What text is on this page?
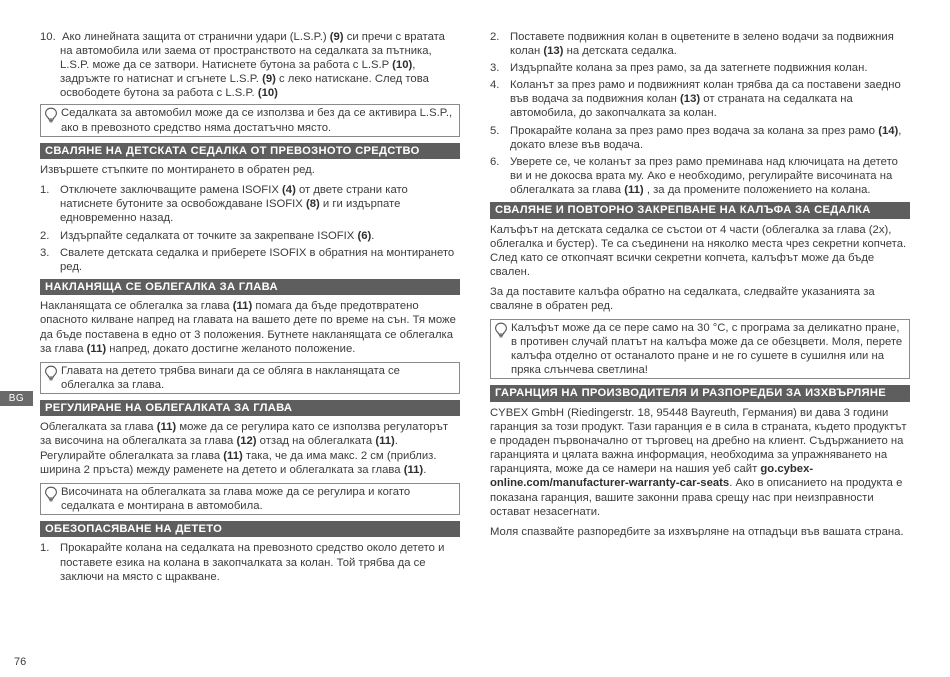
BG
76
10. Ако линейната защита от странични удари (L.S.P.) (9) си пречи с вратата на автомобила или заема от пространството на седалката за пътника, L.S.P. може да се затвори. Натиснете бутона за работа с L.S.P (10), задръжте го натиснат и сгънете L.S.P. (9) с леко натискане. След това освободете бутона за работа с L.S.P. (10)
Седалката за автомобил може да се използва и без да се активира L.S.P., ако в превозното средство няма достатъчно място.
СВАЛЯНЕ НА ДЕТСКАТА СЕДАЛКА ОТ ПРЕВОЗНОТО СРЕДСТВО

Извършете стъпките по монтирането в обратен ред.

1. Отключете заключващите рамена ISOFIX (4) от двете страни като натиснете бутоните за освобождаване ISOFIX (8) и ги издърпате едновременно назад.
2. Издърпайте седалката от точките за закрепване ISOFIX (6).
3. Свалете детската седалка и приберете ISOFIX в обратния на монтирането ред.
НАКЛАНЯЩА СЕ ОБЛЕГАЛКА ЗА ГЛАВА

Накланящата се облегалка за глава (11) помага да бъде предотвратено опасното килване напред на главата на вашето дете по време на сън. Тя може да бъде поставена в едно от 3 положения. Бутнете накланящата се облегалка за глава (11) напред, докато достигне желаното положение.

Главата на детето трябва винаги да се обляга в накланящата се облегалка за глава.
РЕГУЛИРАНЕ НА ОБЛЕГАЛКАТА ЗА ГЛАВА

Облегалката за глава (11) може да се регулира като се използва регулаторът за височина на облегалката за глава (12) отзад на облегалката (11). Регулирайте облегалката за глава (11) така, че да има макс. 2 см (приблиз. ширина 2 пръста) между раменете на детето и облегалката за глава (11).

Височината на облегалката за глава може да се регулира и когато седалката е монтирана в автомобила.
ОБЕЗОПАСЯВАНЕ НА ДЕТЕТО
1. Прокарайте колана на седалката на превозното средство около детето и поставете езика на колана в закопчалката за колан. Той трябва да се заключи на място с щракване.
2. Поставете подвижния колан в оцветените в зелено водачи за подвижния колан (13) на детската седалка.
3. Издърпайте колана за през рамо, за да затегнете подвижния колан.
4. Коланът за през рамо и подвижният колан трябва да са поставени заедно във водача за подвижния колан (13) от страната на седалката на автомобила, до закопчалката за колан.
5. Прокарайте колана за през рамо през водача за колана за през рамо (14), докато влезе във водача.
6. Уверете се, че коланът за през рамо преминава над ключицата на детето ви и не докосва врата му. Ако е необходимо, регулирайте височината на облегалката за глава (11) , за да промените положението на колана.
СВАЛЯНЕ И ПОВТОРНО ЗАКРЕПВАНЕ НА КАЛЪФА ЗА СЕДАЛКА

Калъфът на детската седалка се състои от 4 части (облегалка за глава (2x), облегалка и бустер). Те са съединени на няколко места чрез секретни копчета. След като се откопчаят всички секретни копчета, калъфът може да бъде свален.

За да поставите калъфа обратно на седалката, следвайте указанията за сваляне в обратен ред.

Калъфът може да се пере само на 30 °C, с програма за деликатно пране, в противен случай платът на калъфа може да се обезцвети. Моля, перете калъфа отделно от останалото пране и не го сушете в сушилня или на пряка слънчева светлина!
ГАРАНЦИЯ НА ПРОИЗВОДИТЕЛЯ И РАЗПОРЕДБИ ЗА ИЗХВЪРЛЯНЕ

CYBEX GmbH (Riedingerstr. 18, 95448 Bayreuth, Германия) ви дава 3 години гаранция за този продукт. Тази гаранция е в сила в страната, където продуктът е продаден първоначално от търговец на дребно на клиент. Съдържанието на гаранцията и цялата важна информация, необходима за упражняването на гаранцията, може да се намери на нашия уеб сайт go.cybex-online.com/manufacturer-warranty-car-seats. Ако в описанието на продукта е показана гаранция, вашите законни права срещу нас при неизправности остават незасегнати.

Моля спазвайте разпоредбите за изхвърляне на отпадъци във вашата страна.
